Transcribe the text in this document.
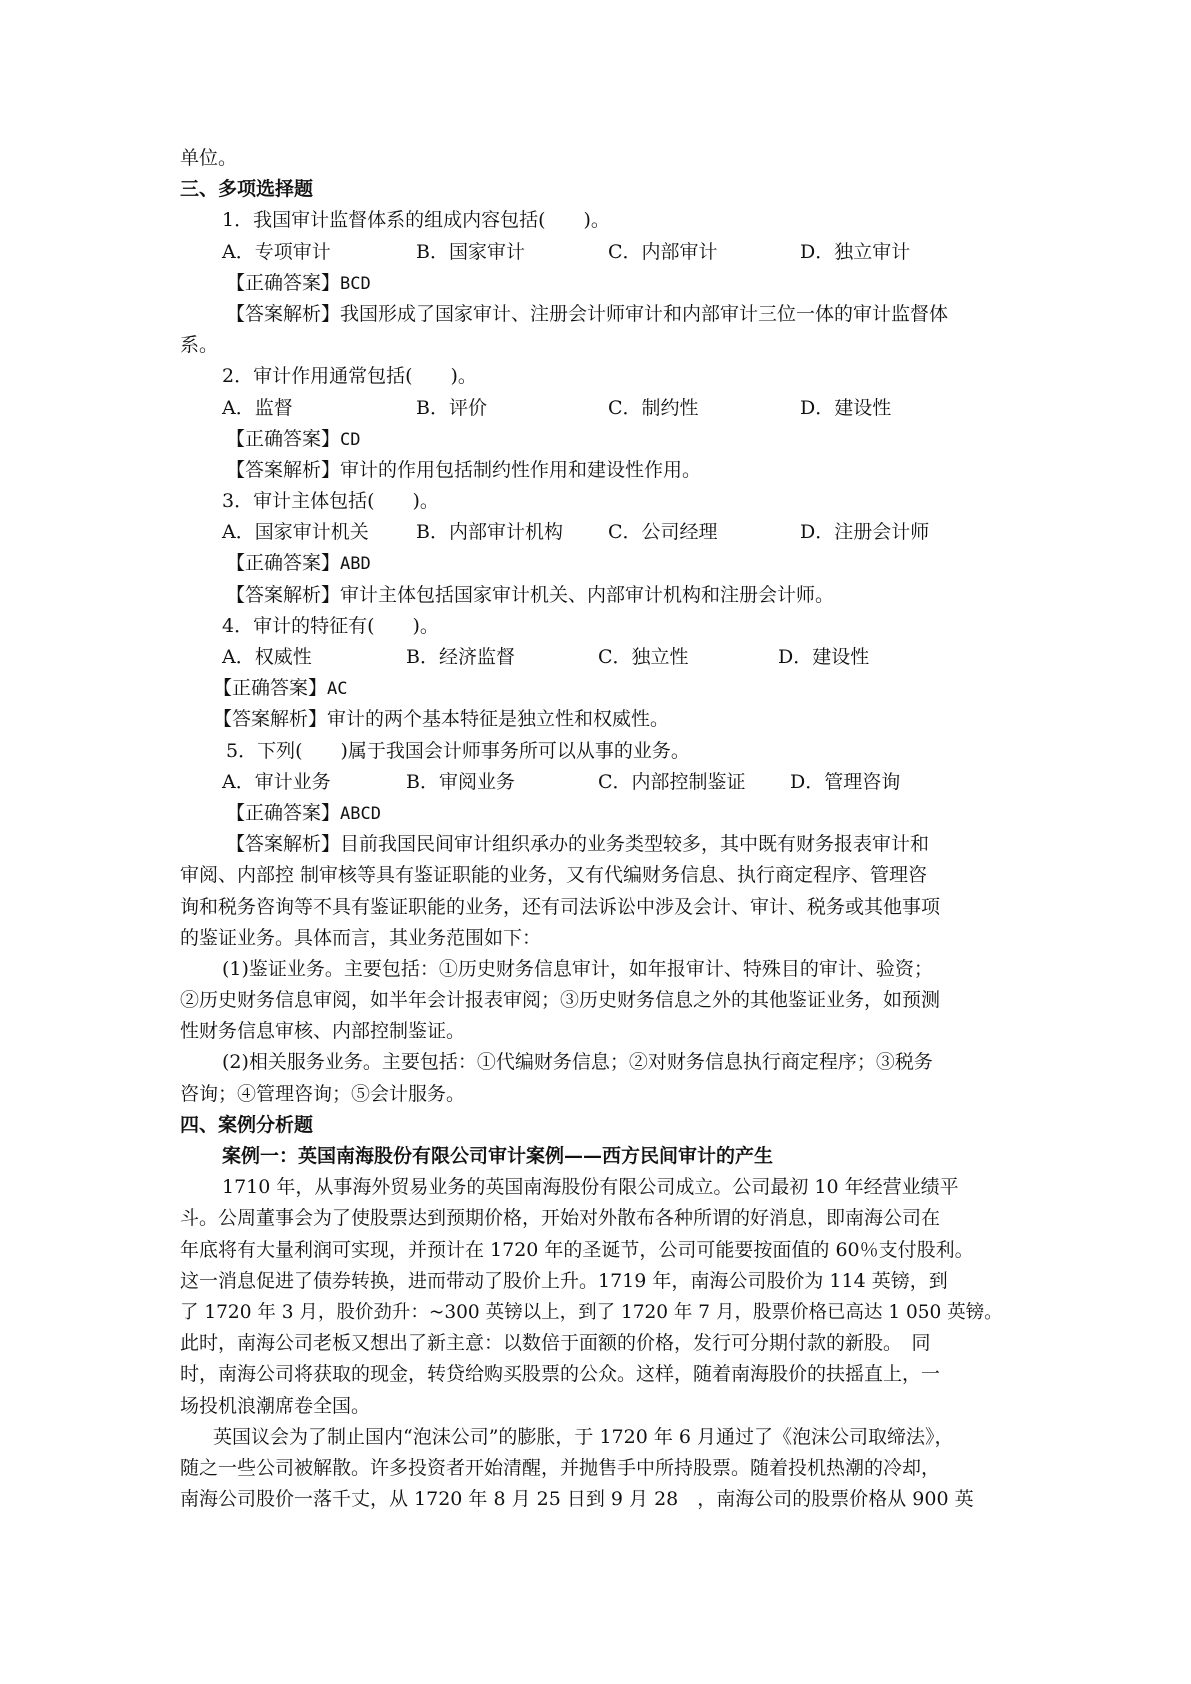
单位。
三、多项选择题
1．我国审计监督体系的组成内容包括(　　)。
A．专项审计	B．国家审计	C．内部审计	D．独立审计
【正确答案】BCD
【答案解析】我国形成了国家审计、注册会计师审计和内部审计三位一体的审计监督体
系。
2．审计作用通常包括(　　)。
A．监督	B．评价	C．制约性	D．建设性
【正确答案】CD
【答案解析】审计的作用包括制约性作用和建设性作用。
3．审计主体包括(　　)。
A．国家审计机关	B．内部审计机构	C．公司经理	D．注册会计师
【正确答案】ABD
【答案解析】审计主体包括国家审计机关、内部审计机构和注册会计师。
4．审计的特征有(　　)。
A．权威性	B．经济监督	C．独立性	D．建设性
【正确答案】AC
【答案解析】审计的两个基本特征是独立性和权威性。
5．下列(　　)属于我国会计师事务所可以从事的业务。
A．审计业务	B．审阅业务	C．内部控制鉴证	D．管理咨询
【正确答案】ABCD
【答案解析】目前我国民间审计组织承办的业务类型较多，其中既有财务报表审计和
审阅、内部控 制审核等具有鉴证职能的业务，又有代编财务信息、执行商定程序、管理咨
询和税务咨询等不具有鉴证职能的业务，还有司法诉讼中涉及会计、审计、税务或其他事项
的鉴证业务。具体而言，其业务范围如下：
(1)鉴证业务。主要包括：①历史财务信息审计，如年报审计、特殊目的审计、验资；
②历史财务信息审阅，如半年会计报表审阅；③历史财务信息之外的其他鉴证业务，如预测
性财务信息审核、内部控制鉴证。
(2)相关服务业务。主要包括：①代编财务信息；②对财务信息执行商定程序；③税务
咨询；④管理咨询；⑤会计服务。
四、案例分析题
案例一：英国南海股份有限公司审计案例——西方民间审计的产生
1710 年，从事海外贸易业务的英国南海股份有限公司成立。公司最初 10 年经营业绩平
斗。公周董事会为了使股票达到预期价格，开始对外散布各种所谓的好消息，即南海公司在
年底将有大量利润可实现，并预计在 1720 年的圣诞节，公司可能要按面值的 60％支付股利。
这一消息促进了债券转换，进而带动了股价上升。1719 年，南海公司股价为 114 英镑，到
了 1720 年 3 月，股价劲升：~300 英镑以上，到了 1720 年 7 月，股票价格已高达 1 050 英镑。
此时，南海公司老板又想出了新主意：以数倍于面额的价格，发行可分期付款的新股。　同
时，南海公司将获取的现金，转贷给购买股票的公众。这样，随着南海股价的扶摇直上，一
场投机浪潮席卷全国。
英国议会为了制止国内“泡沫公司”的膨胀，于 1720 年 6 月通过了《泡沫公司取缔法》，
随之一些公司被解散。许多投资者开始清醒，并抛售手中所持股票。随着投机热潮的冷却，
南海公司股价一落千丈，从 1720 年 8 月 25 日到 9 月 28　，南海公司的股票价格从 900 英
